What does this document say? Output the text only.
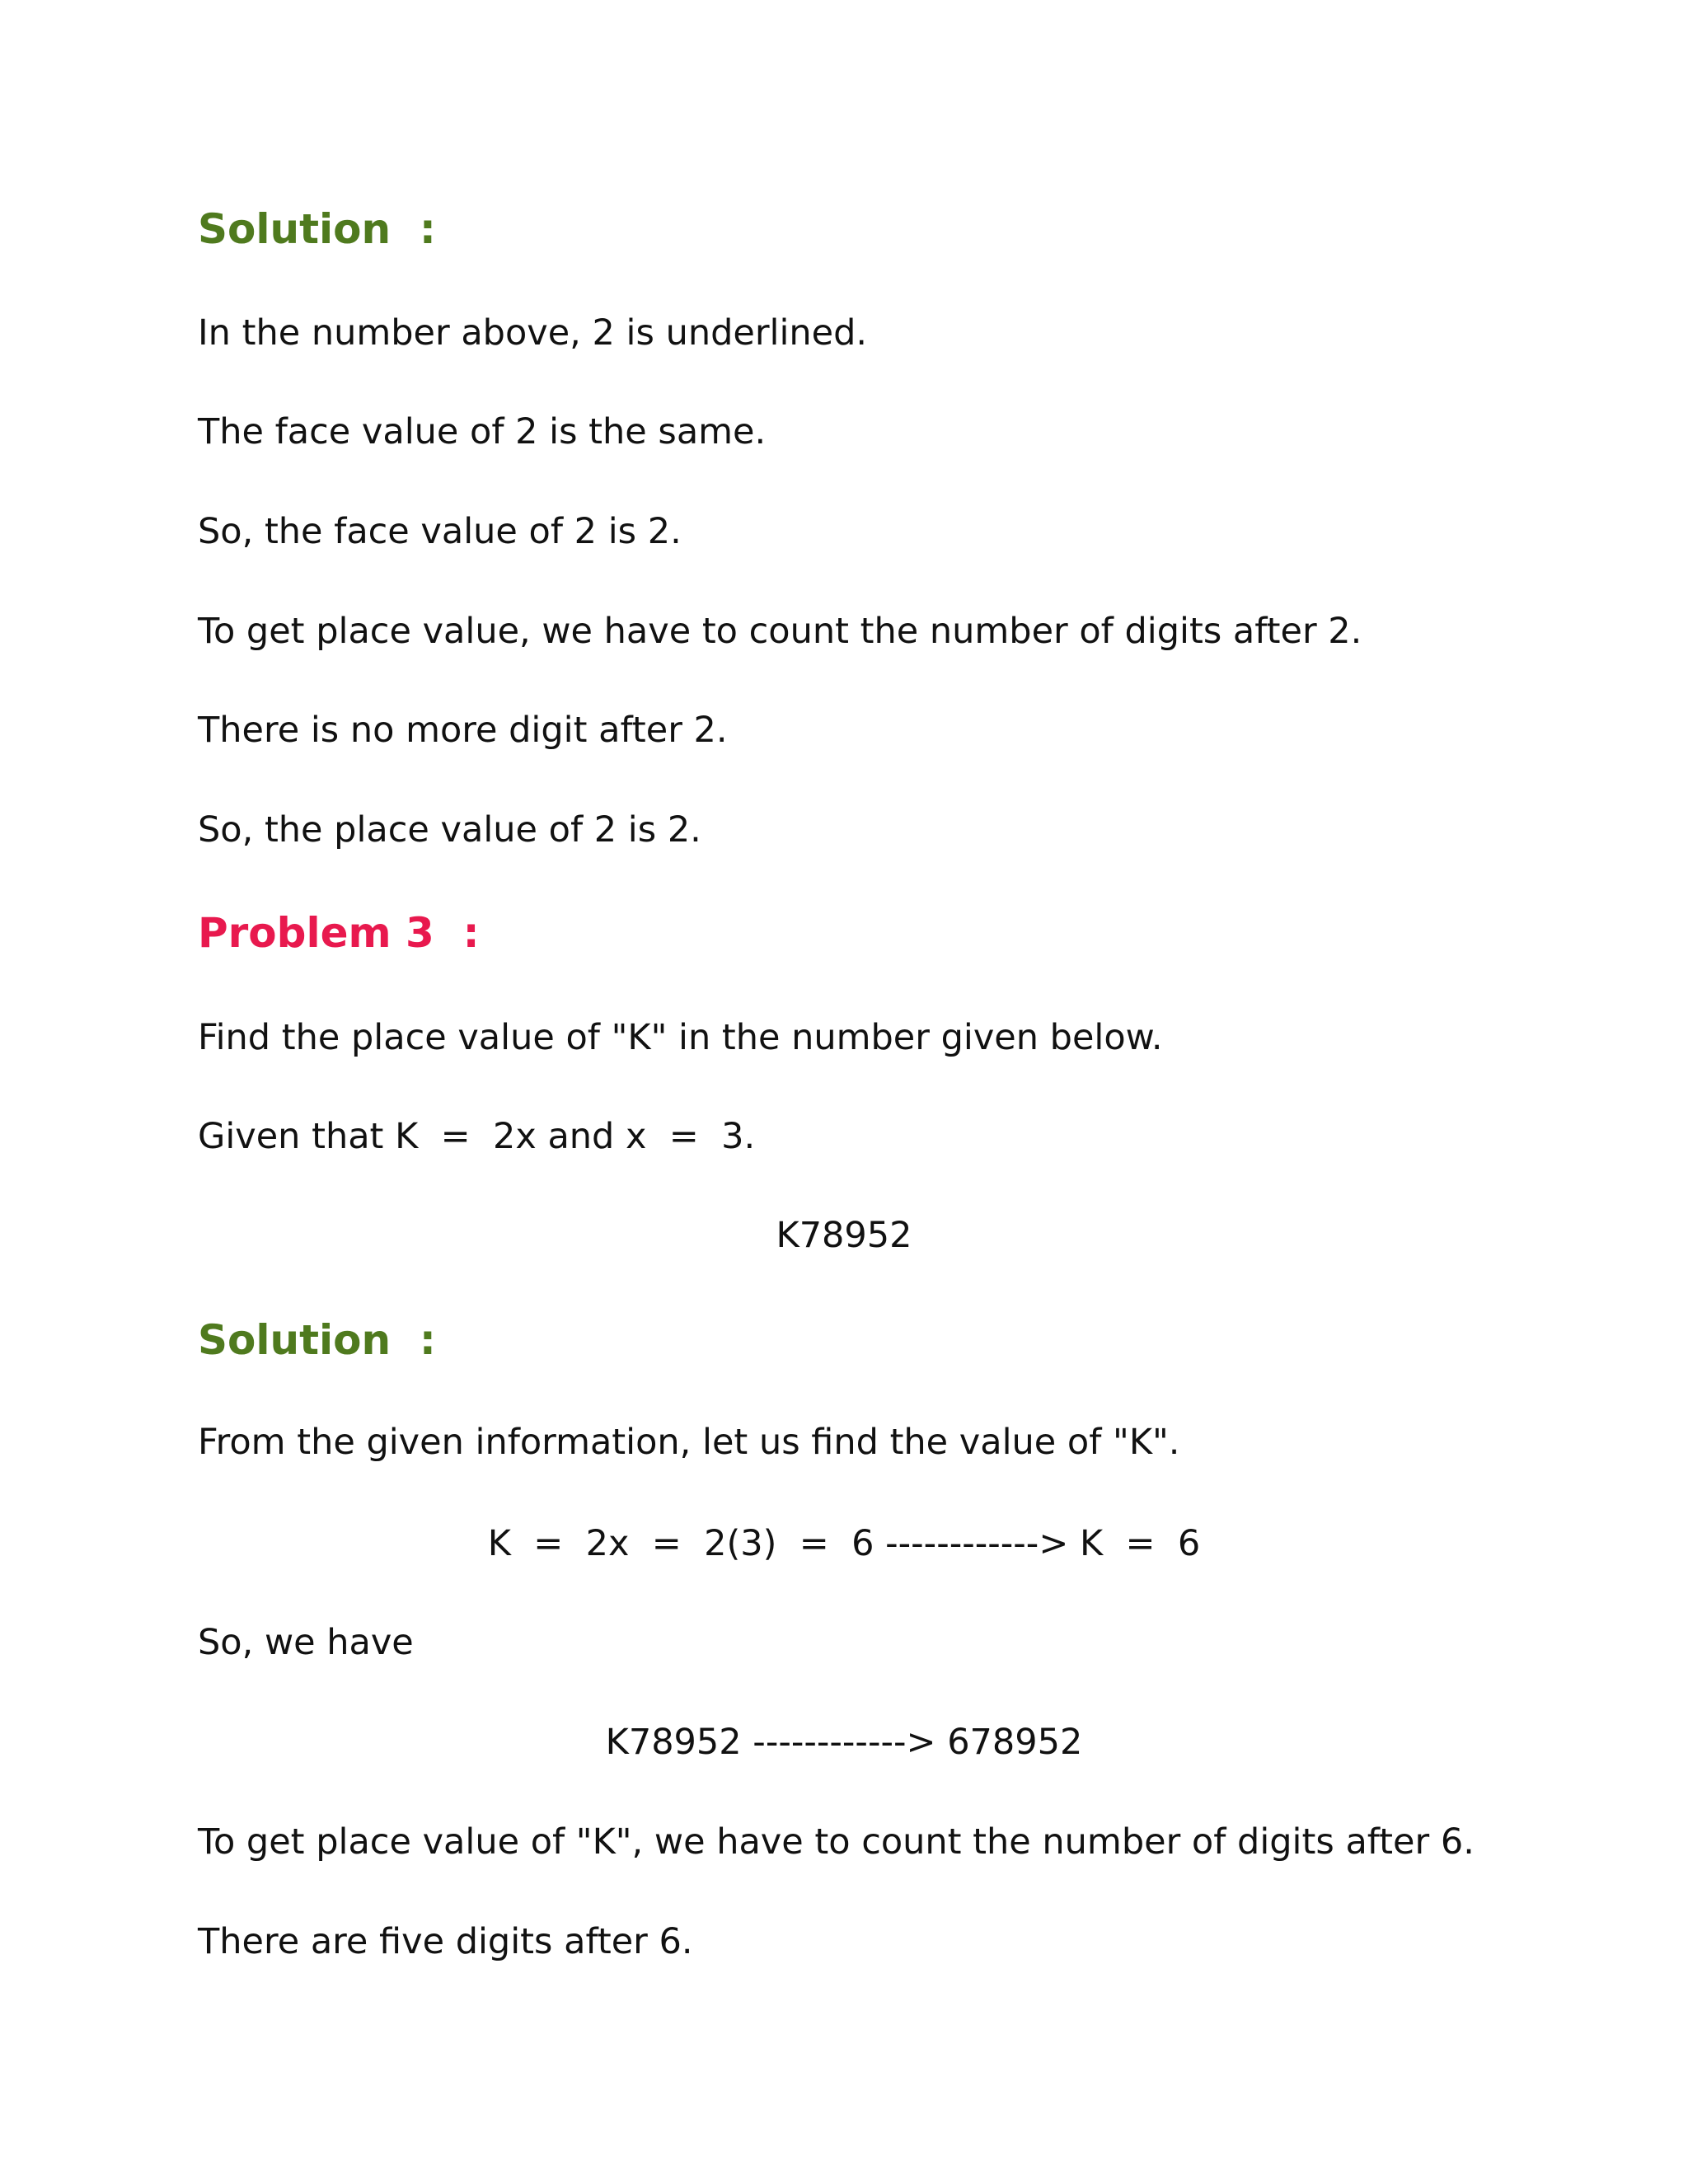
Solution  :

In the number above, 2 is underlined.

The face value of 2 is the same.

So, the face value of 2 is 2.

To get place value, we have to count the number of digits after 2.

There is no more digit after 2.

So, the place value of 2 is 2.

Problem 3  :

Find the place value of "K" in the number given below.

Given that K  =  2x and x  =  3.

K78952

Solution  :

From the given information, let us find the value of "K".

K  =  2x  =  2(3)  =  6 ------------> K  =  6

So, we have

K78952 ------------> 678952

To get place value of "K", we have to count the number of digits after 6.

There are five digits after 6.
